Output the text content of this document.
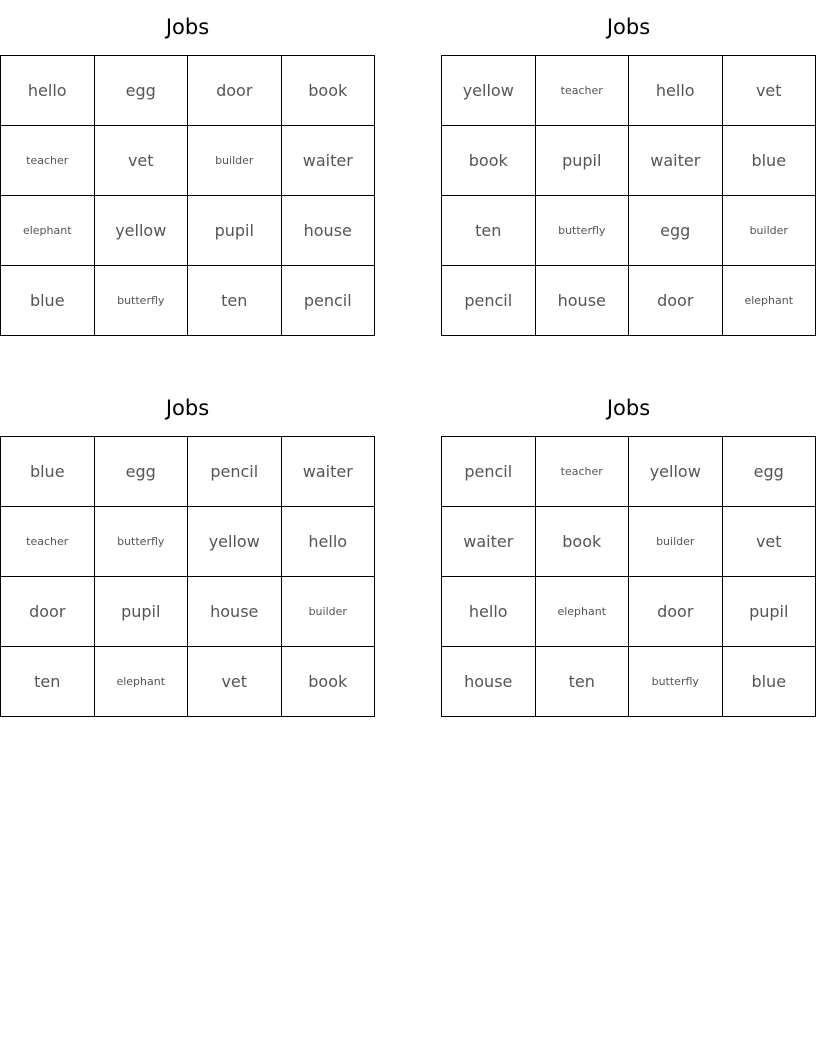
Jobs
hello	egg	door	book
teacher	vet	builder	waiter
elephant	yellow	pupil	house
blue	butterfly	ten	pencil
Jobs
yellow	teacher	hello	vet
book	pupil	waiter	blue
ten	butterfly	egg	builder
pencil	house	door	elephant
Jobs
blue	egg	pencil	waiter
teacher	butterfly	yellow	hello
door	pupil	house	builder
ten	elephant	vet	book
Jobs
pencil	teacher	yellow	egg
waiter	book	builder	vet
hello	elephant	door	pupil
house	ten	butterfly	blue
